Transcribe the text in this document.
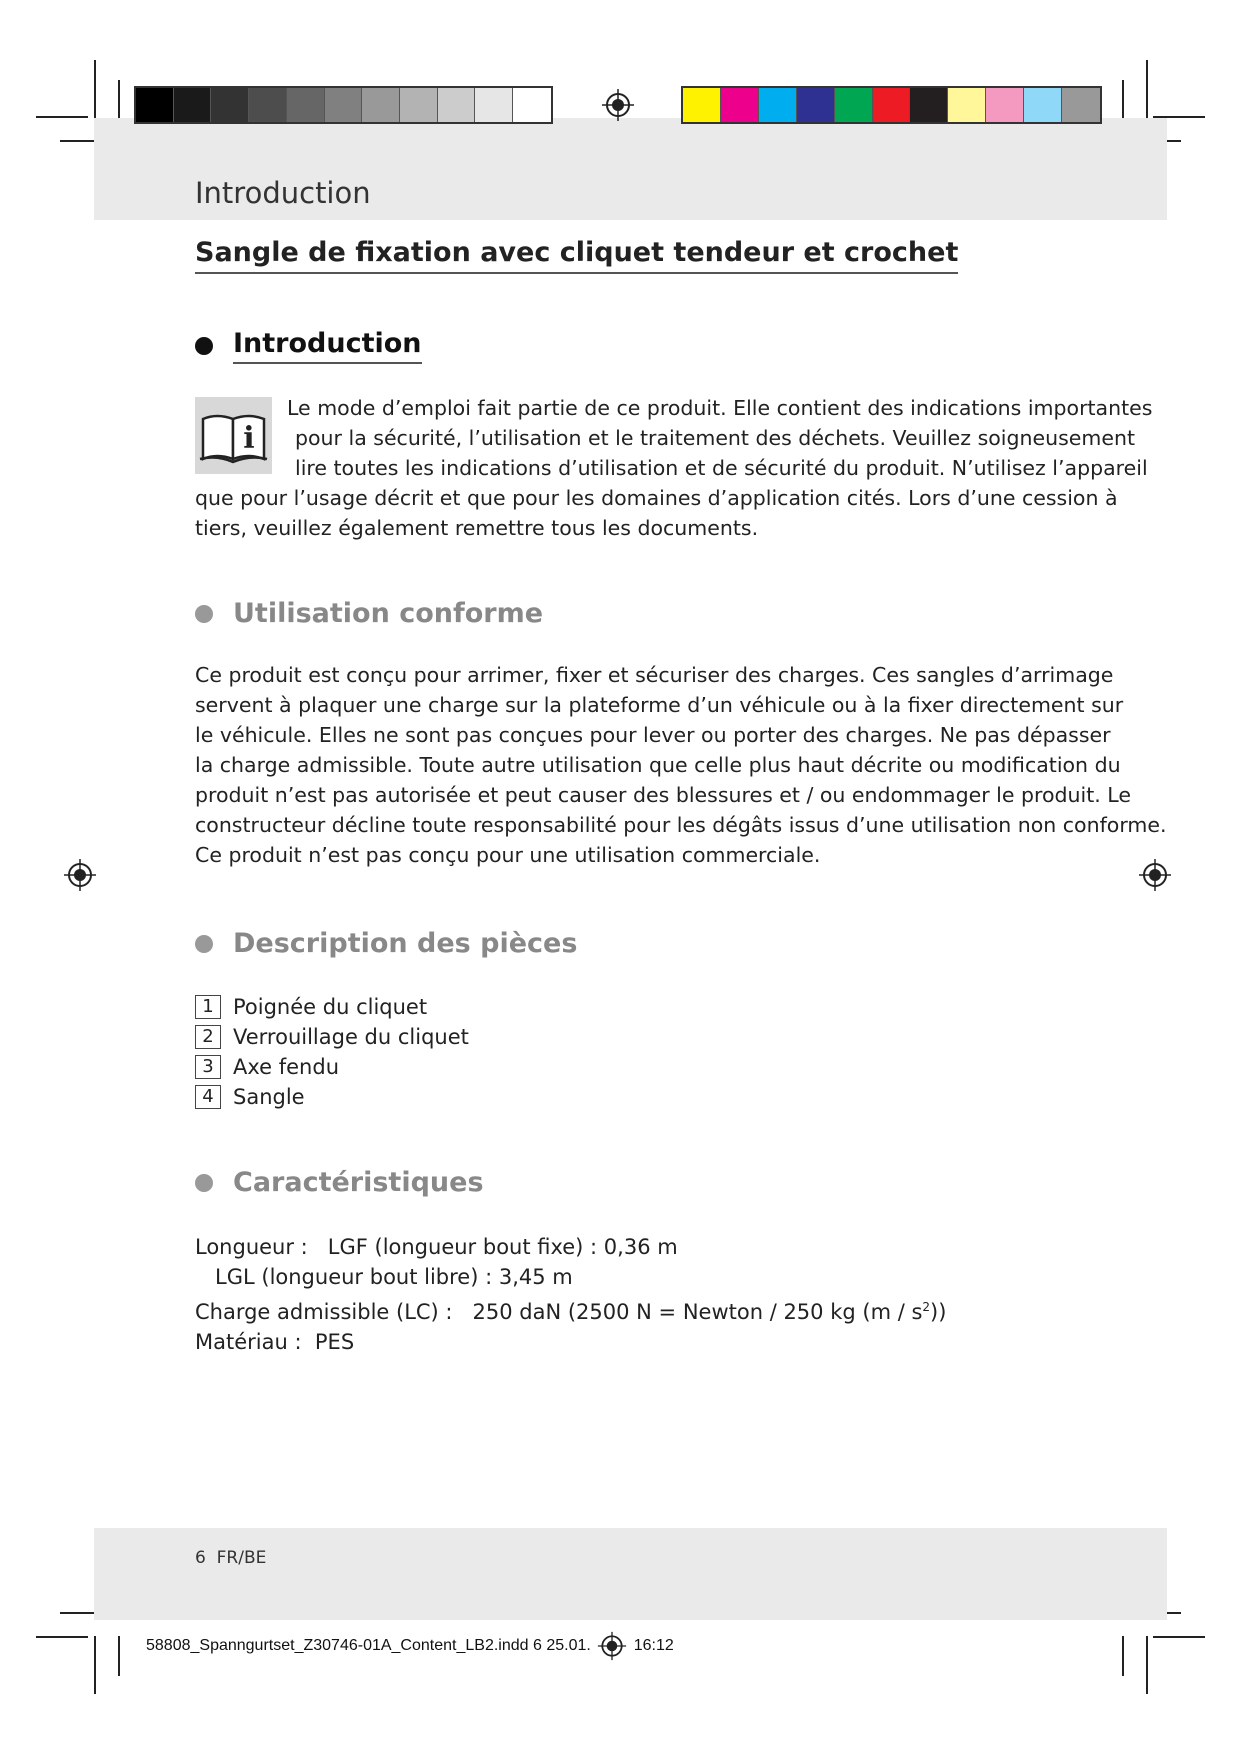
Introduction
Sangle de fixation avec cliquet tendeur et crochet
Introduction
i
Le mode d’emploi fait partie de ce produit. Elle contient des indications importantes
pour la sécurité, l’utilisation et le traitement des déchets. Veuillez soigneusement
lire toutes les indications d’utilisation et de sécurité du produit. N’utilisez l’appareil
que pour l’usage décrit et que pour les domaines d’application cités. Lors d’une cession à
tiers, veuillez également remettre tous les documents.
Utilisation conforme
Ce produit est conçu pour arrimer, fixer et sécuriser des charges. Ces sangles d’arrimage
servent à plaquer une charge sur la plateforme d’un véhicule ou à la fixer directement sur
le véhicule. Elles ne sont pas conçues pour lever ou porter des charges. Ne pas dépasser
la charge admissible. Toute autre utilisation que celle plus haut décrite ou modification du
produit n’est pas autorisée et peut causer des blessures et / ou endommager le produit. Le
constructeur décline toute responsabilité pour les dégâts issus d’une utilisation non conforme.
Ce produit n’est pas conçu pour une utilisation commerciale.
Description des pièces
1 Poignée du cliquet
2 Verrouillage du cliquet
3 Axe fendu
4 Sangle
Caractéristiques
Longueur :   LGF (longueur bout fixe) : 0,36 m
LGL (longueur bout libre) : 3,45 m
Charge admissible (LC) :   250 daN (2500 N = Newton / 250 kg $(m / s^2)$)
Matériau :  PES
6  FR/BE
58808_Spanngurtset_Z30746-01A_Content_LB2.indd 6 25.01.	16:12
